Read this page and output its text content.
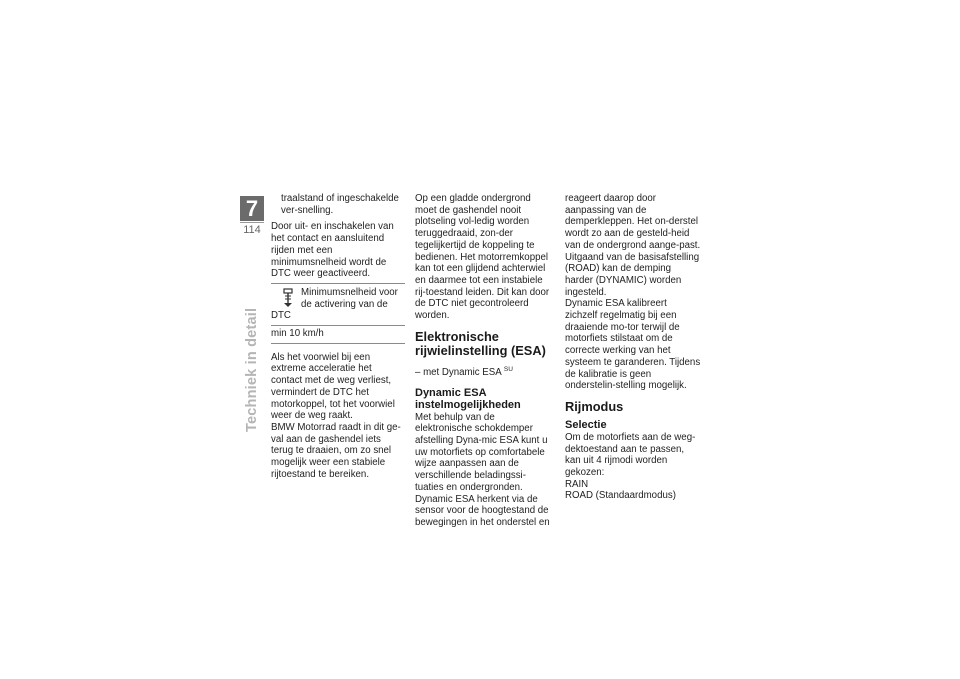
7
114
Techniek in detail

traalstand of ingeschakelde ver-snelling.

Door uit- en inschakelen van het contact en aansluitend rijden met een minimumsnelheid wordt de DTC weer geactiveerd.

Minimumsnelheid voor de activering van de
DTC
min 10 km/h

Als het voorwiel bij een extreme acceleratie het contact met de weg verliest, vermindert de DTC het motorkoppel, tot het voorwiel weer de weg raakt.

BMW Motorrad raadt in dit ge-val aan de gashendel iets terug te draaien, om zo snel mogelijk weer een stabiele rijtoestand te bereiken.

Op een gladde ondergrond moet de gashendel nooit plotseling vol-ledig worden teruggedraaid, zon-der tegelijkertijd de koppeling te bedienen. Het motorremkoppel kan tot een glijdend achterwiel en daarmee tot een instabiele rij-toestand leiden. Dit kan door de DTC niet gecontroleerd worden.

Elektronische
rijwielinstelling (ESA)

– met Dynamic ESA $^{SU}$

Dynamic ESA
instelmogelijkheden

Met behulp van de elektronische schokdemper afstelling Dyna-mic ESA kunt u uw motorfiets op comfortabele wijze aanpassen aan de verschillende beladingssi-tuaties en ondergronden.

Dynamic ESA herkent via de sensor voor de hoogtestand de bewegingen in het onderstel en

reageert daarop door aanpassing van de demperkleppen. Het on-derstel wordt zo aan de gesteld-heid van de ondergrond aange-past.

Uitgaand van de basisafstelling (ROAD) kan de demping harder (DYNAMIC) worden ingesteld.

Dynamic ESA kalibreert zichzelf regelmatig bij een draaiende mo-tor terwijl de motorfiets stilstaat om de correcte werking van het systeem te garanderen. Tijdens de kalibratie is geen onderstelin-stelling mogelijk.

Rijmodus
Selectie

Om de motorfiets aan de weg-dektoestand aan te passen, kan uit 4 rijmodi worden gekozen:

RAIN

ROAD (Standaardmodus)
